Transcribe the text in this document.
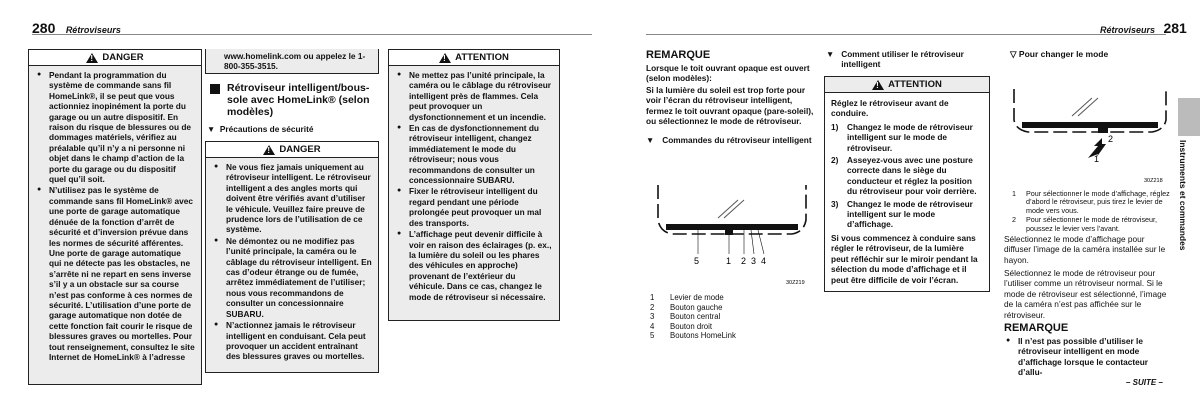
280 Rétroviseurs
!
DANGER
● Pendant la programmation du système de commande sans fil HomeLink®, il se peut que vous actionniez inopinément la porte du garage ou un autre dispositif. En raison du risque de blessures ou de dommages matériels, vérifiez au préalable qu’il n’y a ni personne ni objet dans le champ d’action de la porte du garage ou du dispositif quel qu’il soit.
● N’utilisez pas le système de commande sans fil HomeLink® avec une porte de garage automatique dénuée de la fonction d’arrêt de sécurité et d’inversion prévue dans les normes de sécurité afférentes. Une porte de garage automatique qui ne détecte pas les obstacles, ne s’arrête ni ne repart en sens inverse s’il y a un obstacle sur sa course n’est pas conforme à ces normes de sécurité. L’utilisation d’une porte de garage automatique non dotée de cette fonction fait courir le risque de blessures graves ou mortelles. Pour tout renseignement, consultez le site Internet de HomeLink® à l’adresse
www.homelink.com ou appelez le 1-800-355-3515.
Rétroviseur intelligent/boussole avec HomeLink® (selon modèles)
▼ Précautions de sécurité
!
DANGER
● Ne vous fiez jamais uniquement au rétroviseur intelligent. Le rétroviseur intelligent a des angles morts qui doivent être vérifiés avant d’utiliser le véhicule. Veuillez faire preuve de prudence lors de l’utilisation de ce système.
● Ne démontez ou ne modifiez pas l’unité principale, la caméra ou le câblage du rétroviseur intelligent. En cas d’odeur étrange ou de fumée, arrêtez immédiatement de l’utiliser; nous vous recommandons de consulter un concessionnaire SUBARU.
● N’actionnez jamais le rétroviseur intelligent en conduisant. Cela peut provoquer un accident entraînant des blessures graves ou mortelles.
!
ATTENTION
● Ne mettez pas l’unité principale, la caméra ou le câblage du rétroviseur intelligent près de flammes. Cela peut provoquer un dysfonctionnement et un incendie.
● En cas de dysfonctionnement du rétroviseur intelligent, changez immédiatement le mode du rétroviseur; nous vous recommandons de consulter un concessionnaire SUBARU.
● Fixer le rétroviseur intelligent du regard pendant une période prolongée peut provoquer un mal des transports.
● L’affichage peut devenir difficile à voir en raison des éclairages (p. ex., la lumière du soleil ou les phares des véhicules en approche) provenant de l’extérieur du véhicule. Dans ce cas, changez le mode de rétroviseur si nécessaire.
Rétroviseurs 281
Instruments et commandes
REMARQUE
Lorsque le toit ouvrant opaque est ouvert (selon modèles):
Si la lumière du soleil est trop forte pour voir l’écran du rétroviseur intelligent, fermez le toit ouvrant opaque (pare-soleil), ou sélectionnez le mode de rétroviseur.
▼ Commandes du rétroviseur intelligent
5	1 2 3 4
30Z219
1	Levier de mode
2	Bouton gauche
3	Bouton central
4	Bouton droit
5	Boutons HomeLink
▼ Comment utiliser le rétroviseur intelligent
!
ATTENTION
Réglez le rétroviseur avant de conduire.
1) Changez le mode de rétroviseur intelligent sur le mode de rétroviseur.
2) Asseyez-vous avec une posture correcte dans le siège du conducteur et réglez la position du rétroviseur pour voir derrière.
3) Changez le mode de rétroviseur intelligent sur le mode d’affichage.
Si vous commencez à conduire sans régler le rétroviseur, de la lumière peut réfléchir sur le miroir pendant la sélection du mode d’affichage et il peut être difficile de voir l’écran.
▽ Pour changer le mode
2
1
30Z218
1	Pour sélectionner le mode d’affichage, réglez d’abord le rétroviseur, puis tirez le levier de mode vers vous.
2	Pour sélectionner le mode de rétroviseur, poussez le levier vers l’avant.
Sélectionnez le mode d’affichage pour diffuser l’image de la caméra installée sur le hayon.
Sélectionnez le mode de rétroviseur pour l’utiliser comme un rétroviseur normal. Si le mode de rétroviseur est sélectionné, l’image de la caméra n’est pas affichée sur le rétroviseur.
REMARQUE
● Il n’est pas possible d’utiliser le rétroviseur intelligent en mode d’affichage lorsque le contacteur d’allu-
– SUITE –
